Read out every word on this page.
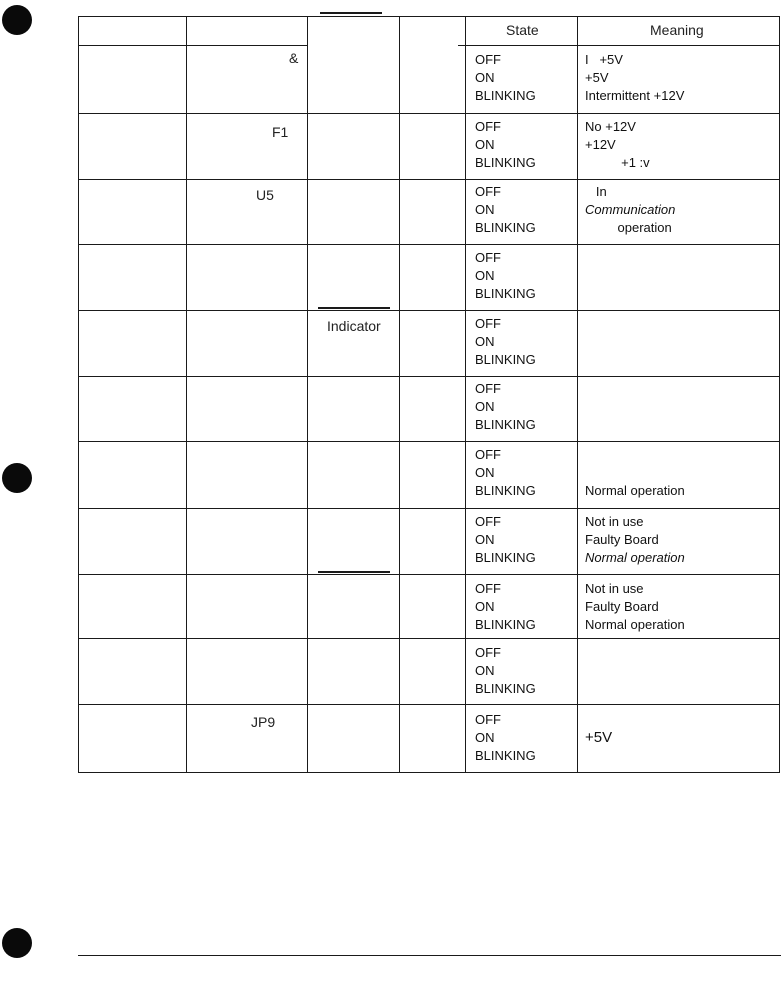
State	Meaning
&
F1
U5
Indicator
JP9
OFF
ON
BLINKING
I   +5V
+5V
Intermittent +12V
OFF
ON
BLINKING
No +12V
+12V
+1 :v
OFF
ON
BLINKING
In
Communication
operation
OFF
ON
BLINKING
OFF
ON
BLINKING
OFF
ON
BLINKING
OFF
ON
BLINKING

	Normal operation
OFF
ON
BLINKING
Not in use
Faulty Board
Normal operation
OFF
ON
BLINKING
Not in use
Faulty Board
Normal operation
OFF
ON
BLINKING
OFF
ON
BLINKING

+5V
